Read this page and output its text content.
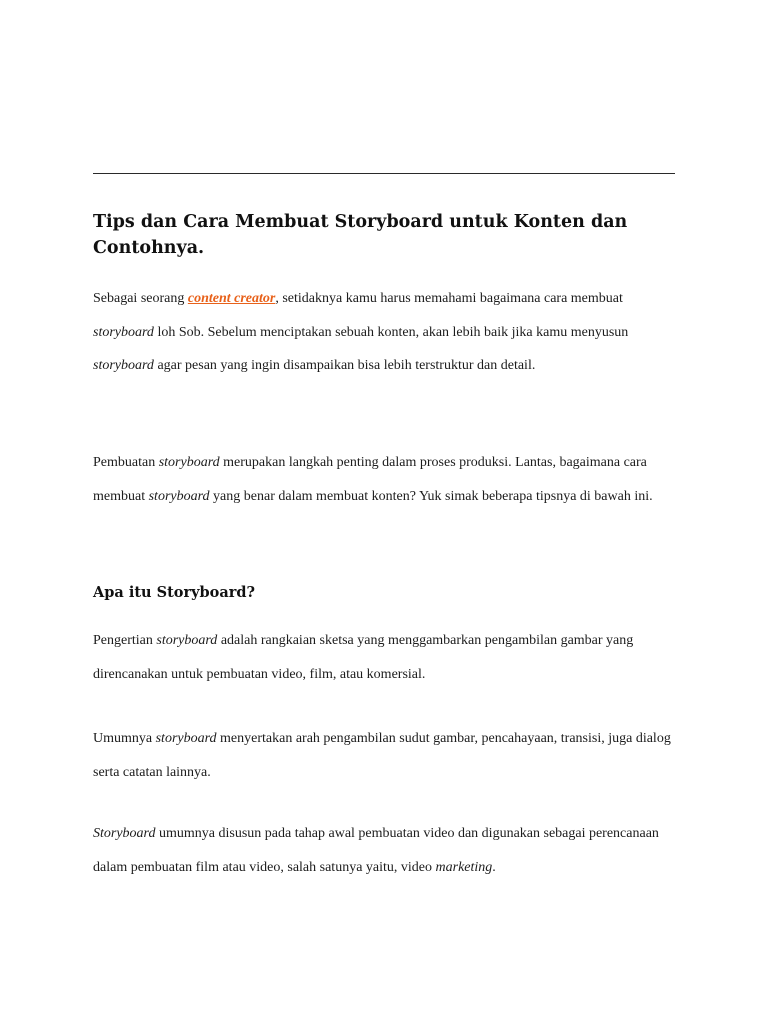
Tips dan Cara Membuat Storyboard untuk Konten dan Contohnya.

Sebagai seorang content creator, setidaknya kamu harus memahami bagaimana cara membuat storyboard loh Sob. Sebelum menciptakan sebuah konten, akan lebih baik jika kamu menyusun storyboard agar pesan yang ingin disampaikan bisa lebih terstruktur dan detail.

Pembuatan storyboard merupakan langkah penting dalam proses produksi. Lantas, bagaimana cara membuat storyboard yang benar dalam membuat konten? Yuk simak beberapa tipsnya di bawah ini.

Apa itu Storyboard?

Pengertian storyboard adalah rangkaian sketsa yang menggambarkan pengambilan gambar yang direncanakan untuk pembuatan video, film, atau komersial.

Umumnya storyboard menyertakan arah pengambilan sudut gambar, pencahayaan, transisi, juga dialog serta catatan lainnya.

Storyboard umumnya disusun pada tahap awal pembuatan video dan digunakan sebagai perencanaan dalam pembuatan film atau video, salah satunya yaitu, video marketing.
